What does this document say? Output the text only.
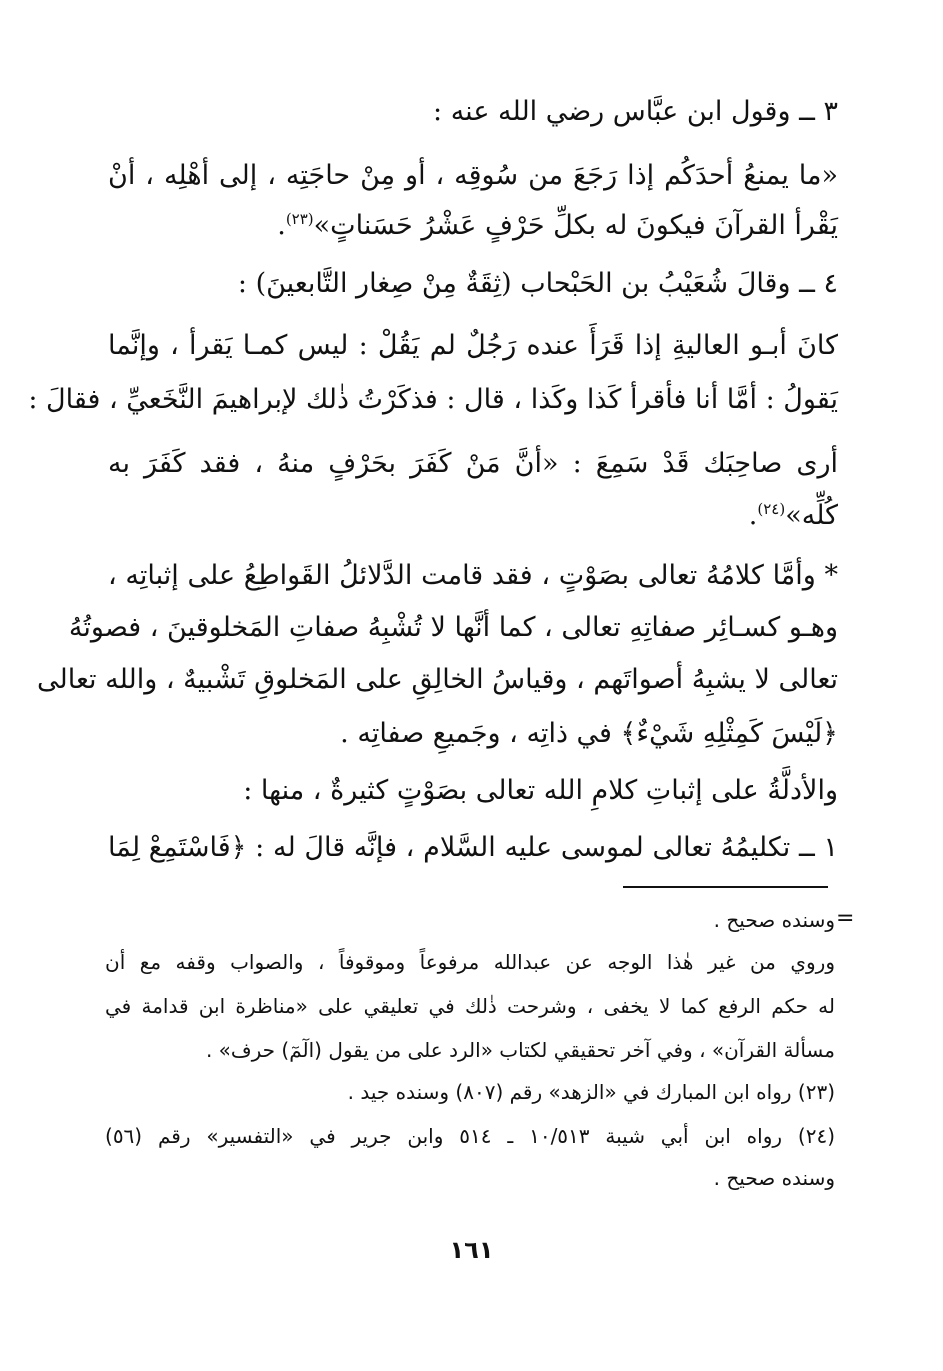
٣ ــ وقول ابن عبَّاس رضي الله عنه :
«ما يمنعُ أحدَكُم إذا رَجَعَ من سُوقِه ، أو مِنْ حاجَتِه ، إلى أهْلِه ، أنْ
يَقْرأ القرآنَ فيكونَ له بكلِّ حَرْفٍ عَشْرُ حَسَناتٍ»$^{(٢٣)}$.
٤ ــ وقالَ شُعَيْبُ بن الحَبْحاب (ثِقَةٌ مِنْ صِغار التَّابعينَ) :
كانَ أبـو العاليةِ إذا قَرَأَ عنده رَجُلٌ لم يَقُلْ : ليس كمـا يَقرأ ، وإنَّما
يَقولُ : أمَّا أنا فأقرأ كَذا وكَذا ، قال : فذكَرْتُ ذٰلك لإبراهيمَ النَّخَعيِّ ، فقالَ :
أرى صاحِبَك قَدْ سَمِعَ : «أنَّ مَنْ كَفَرَ بحَرْفٍ منهُ ، فقد كَفَرَ به
كُلِّه»$^{(٢٤)}$.
* وأمَّا كلامُهُ تعالى بصَوْتٍ ، فقد قامت الدَّلائلُ القَواطِعُ على إثباتِه ،
وهـو كسـائِر صفاتِهِ تعالى ، كما أنَّها لا تُشْبِهُ صفاتِ المَخلوقينَ ، فصوتُهُ
تعالى لا يشبِهُ أصواتَهم ، وقياسُ الخالِقِ على المَخلوقِ تَشْبيهٌ ، والله تعالى
﴿لَيْسَ كَمِثْلِهِ شَيْءٌ﴾ في ذاتِه ، وجَميعِ صفاتِه .
والأدلَّةُ على إثباتِ كلامِ الله تعالى بصَوْتٍ كثيرةٌ ، منها :
١ ــ تكليمُهُ تعالى لموسى عليه السَّلام ، فإنَّه قالَ له : ﴿فَاسْتَمِعْ لِمَا
=
وسنده صحيح .
وروي من غير هٰذا الوجه عن عبدالله مرفوعاً وموقوفاً ، والصواب وقفه مع أن
له حكم الرفع كما لا يخفى ، وشرحت ذٰلك في تعليقي على «مناظرة ابن قدامة في
مسألة القرآن» ، وفي آخر تحقيقي لكتاب «الرد على من يقول (الٓمٓ) حرف» .
(٢٣) رواه ابن المبارك في «الزهد» رقم (٨٠٧) وسنده جيد .
(٢٤) رواه ابن أبي شيبة ١٠/٥١٣ ـ ٥١٤ وابن جرير في «التفسير» رقم (٥٦)
وسنده صحيح .
١٦١
